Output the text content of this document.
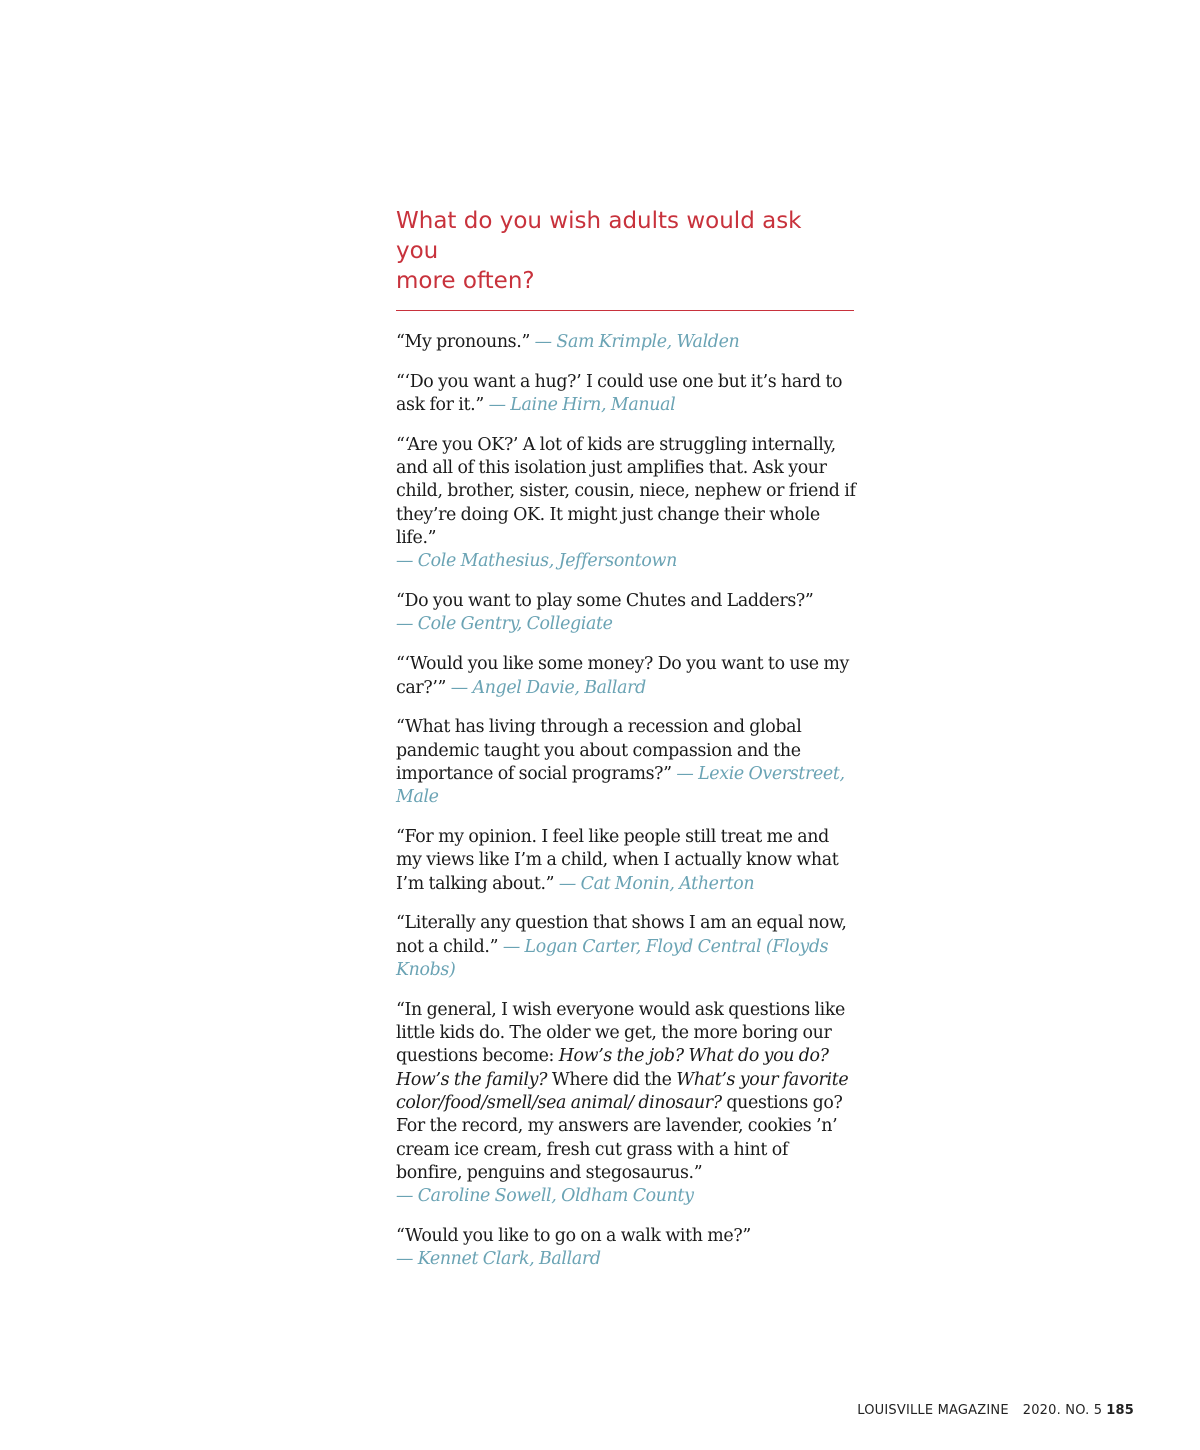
What do you wish adults would ask you
more often?

“My pronouns.” — Sam Krimple, Walden

“‘Do you want a hug?’ I could use one but it’s hard to ask for it.” — Laine Hirn, Manual

“‘Are you OK?’ A lot of kids are struggling internally, and all of this isolation just amplifies that. Ask your child, brother, sister, cousin, niece, nephew or friend if they’re doing OK. It might just change their whole life.”
— Cole Mathesius, Jeffersontown

“Do you want to play some Chutes and Ladders?”
— Cole Gentry, Collegiate

“‘Would you like some money? Do you want to use my car?’” — Angel Davie, Ballard

“What has living through a recession and global pandemic taught you about compassion and the importance of social programs?” — Lexie Overstreet, Male

“For my opinion. I feel like people still treat me and my views like I’m a child, when I actually know what I’m talking about.” — Cat Monin, Atherton

“Literally any question that shows I am an equal now, not a child.” — Logan Carter, Floyd Central (Floyds Knobs)

“In general, I wish everyone would ask questions like little kids do. The older we get, the more boring our questions become: How’s the job? What do you do? How’s the family? Where did the What’s your favorite color/food/smell/sea animal/ dinosaur? questions go? For the record, my answers are lavender, cookies ’n’ cream ice cream, fresh cut grass with a hint of bonfire, penguins and stegosaurus.”
— Caroline Sowell, Oldham County

“Would you like to go on a walk with me?”
— Kennet Clark, Ballard

LOUISVILLE MAGAZINE 2020. NO. 5 185
